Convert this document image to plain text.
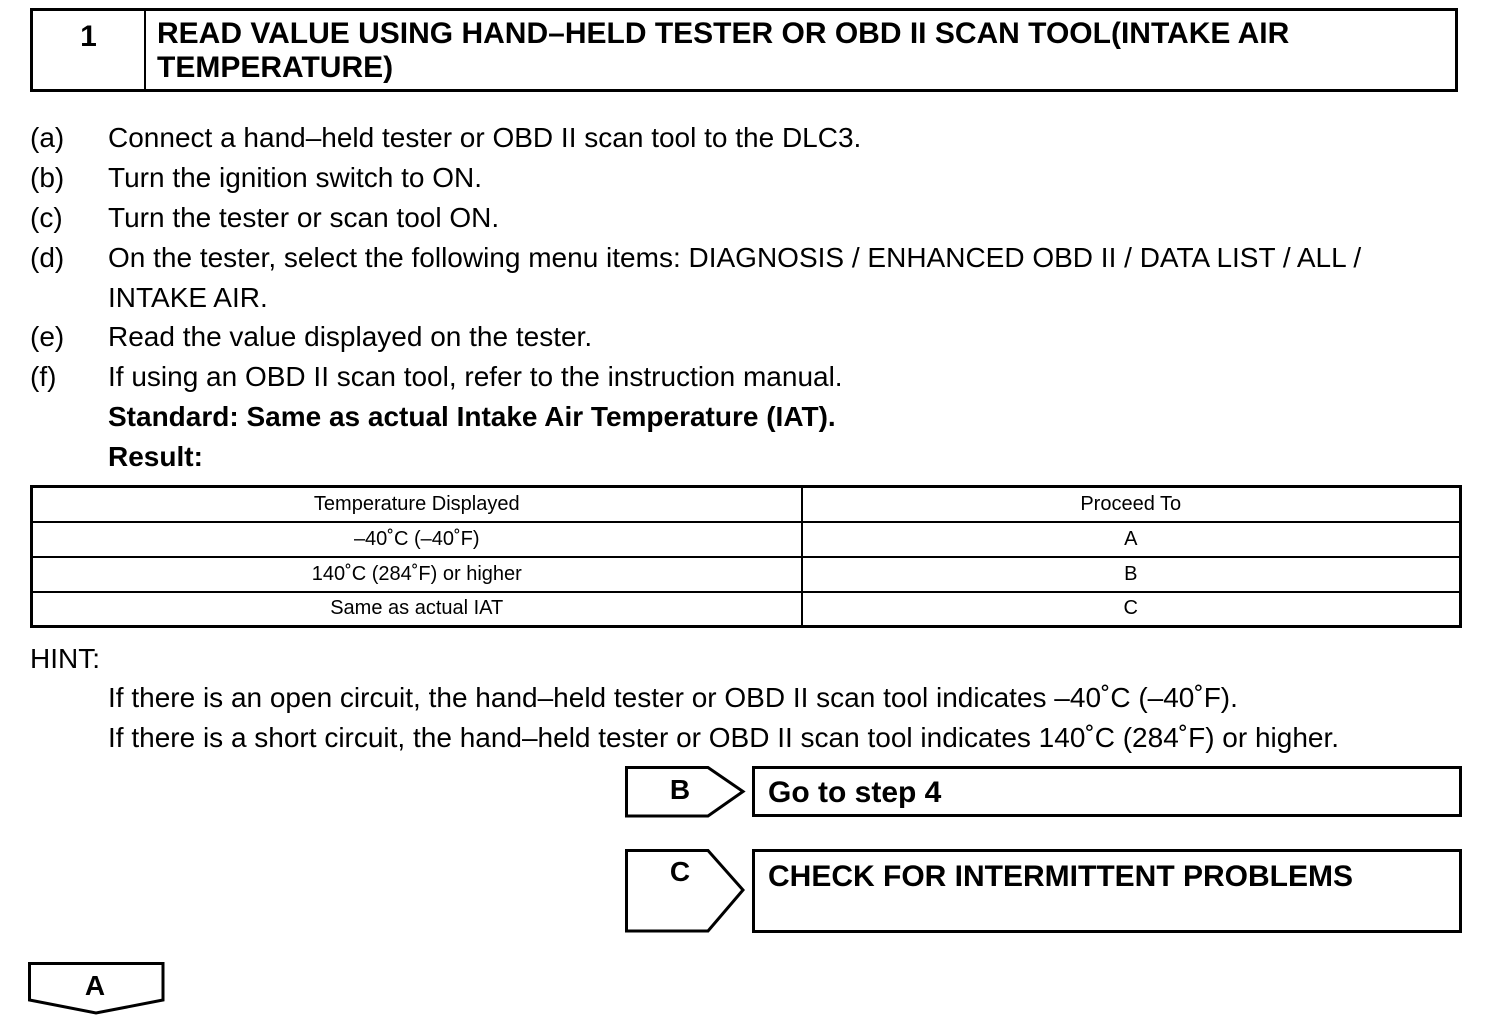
1	READ VALUE USING HAND–HELD TESTER OR OBD II SCAN TOOL(INTAKE AIR TEMPERATURE)
(a) Connect a hand–held tester or OBD II scan tool to the DLC3.
(b) Turn the ignition switch to ON.
(c) Turn the tester or scan tool ON.
(d) On the tester, select the following menu items: DIAGNOSIS / ENHANCED OBD II / DATA LIST / ALL / INTAKE AIR.
(e) Read the value displayed on the tester.
(f) If using an OBD II scan tool, refer to the instruction manual.
Standard: Same as actual Intake Air Temperature (IAT).
Result:
Temperature Displayed	Proceed To
–40˚C (–40˚F)	A
140˚C (284˚F) or higher	B
Same as actual IAT	C
HINT:
If there is an open circuit, the hand–held tester or OBD II scan tool indicates –40˚C (–40˚F).
If there is a short circuit, the hand–held tester or OBD II scan tool indicates 140˚C (284˚F) or higher.
B	Go to step 4
C	CHECK FOR INTERMITTENT PROBLEMS
A
